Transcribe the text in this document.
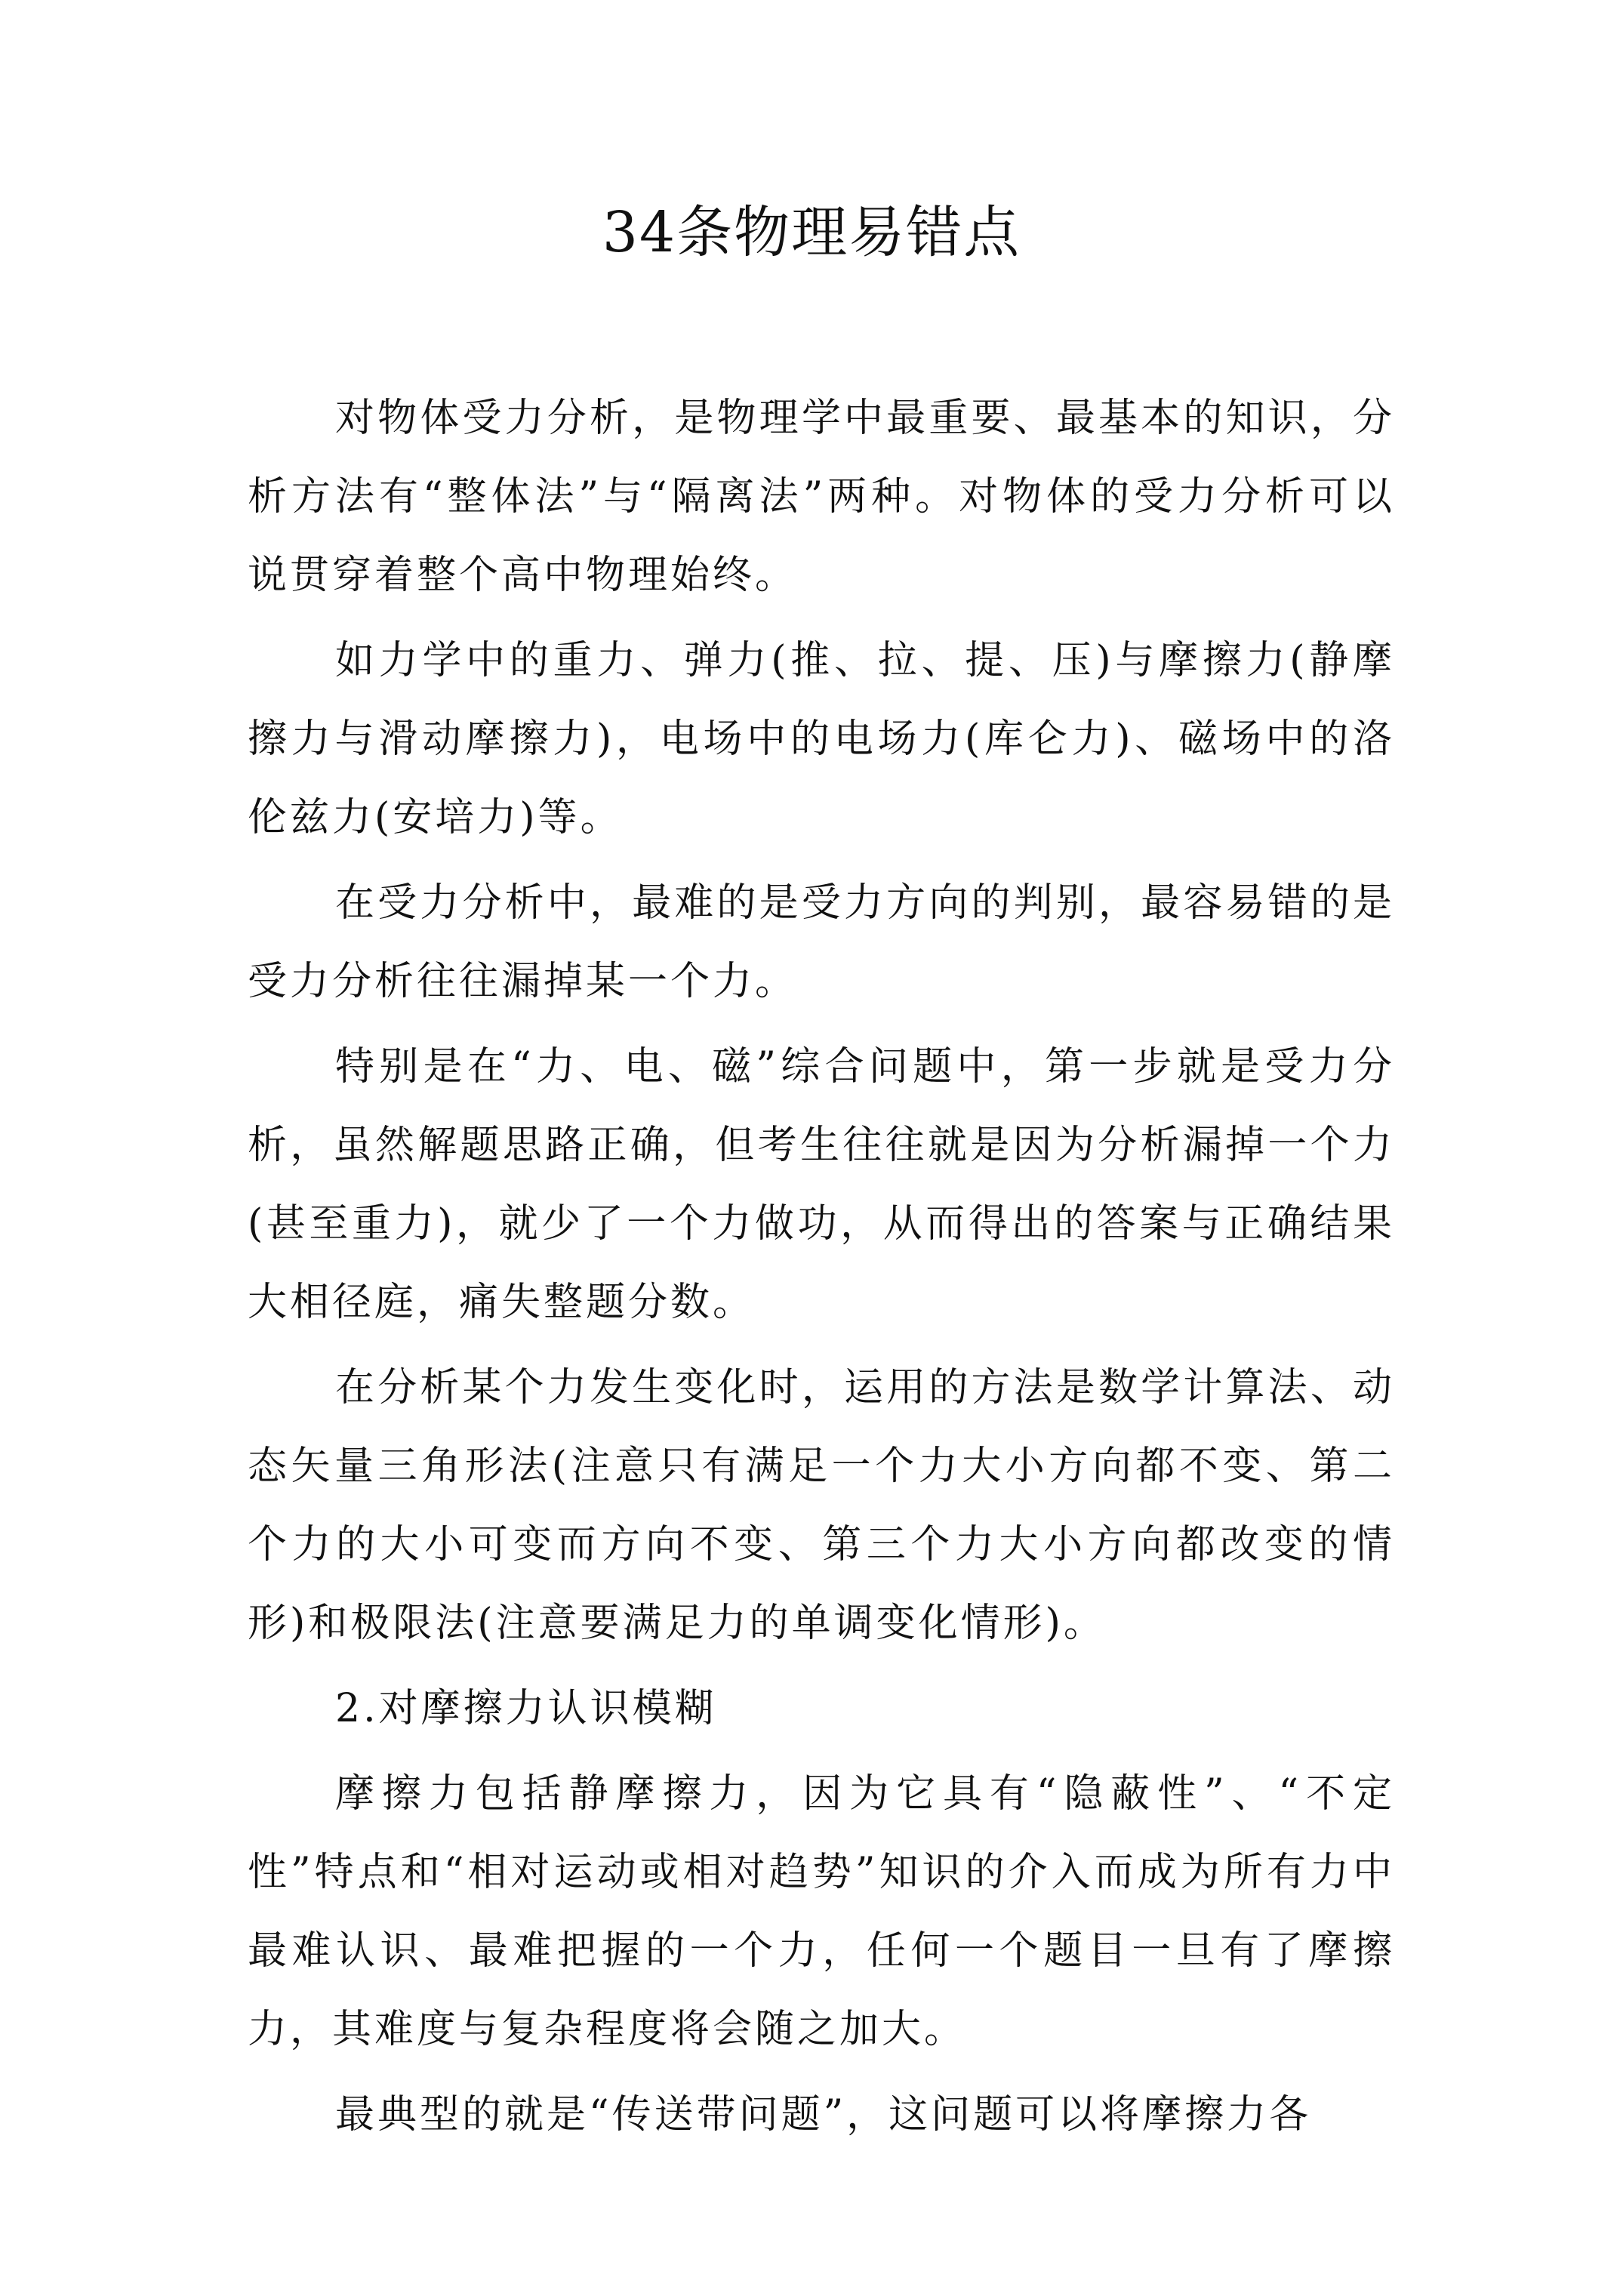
34条物理易错点

对物体受力分析，是物理学中最重要、最基本的知识，分析方法有“整体法”与“隔离法”两种。对物体的受力分析可以说贯穿着整个高中物理始终。

如力学中的重力、弹力(推、拉、提、压)与摩擦力(静摩擦力与滑动摩擦力)，电场中的电场力(库仑力)、磁场中的洛伦兹力(安培力)等。

在受力分析中，最难的是受力方向的判别，最容易错的是受力分析往往漏掉某一个力。

特别是在“力、电、磁”综合问题中，第一步就是受力分析，虽然解题思路正确，但考生往往就是因为分析漏掉一个力(甚至重力)，就少了一个力做功，从而得出的答案与正确结果大相径庭，痛失整题分数。

在分析某个力发生变化时，运用的方法是数学计算法、动态矢量三角形法(注意只有满足一个力大小方向都不变、第二个力的大小可变而方向不变、第三个力大小方向都改变的情形)和极限法(注意要满足力的单调变化情形)。

2.对摩擦力认识模糊

摩擦力包括静摩擦力，因为它具有“隐蔽性”、“不定性”特点和“相对运动或相对趋势”知识的介入而成为所有力中最难认识、最难把握的一个力，任何一个题目一旦有了摩擦力，其难度与复杂程度将会随之加大。

最典型的就是“传送带问题”，这问题可以将摩擦力各
